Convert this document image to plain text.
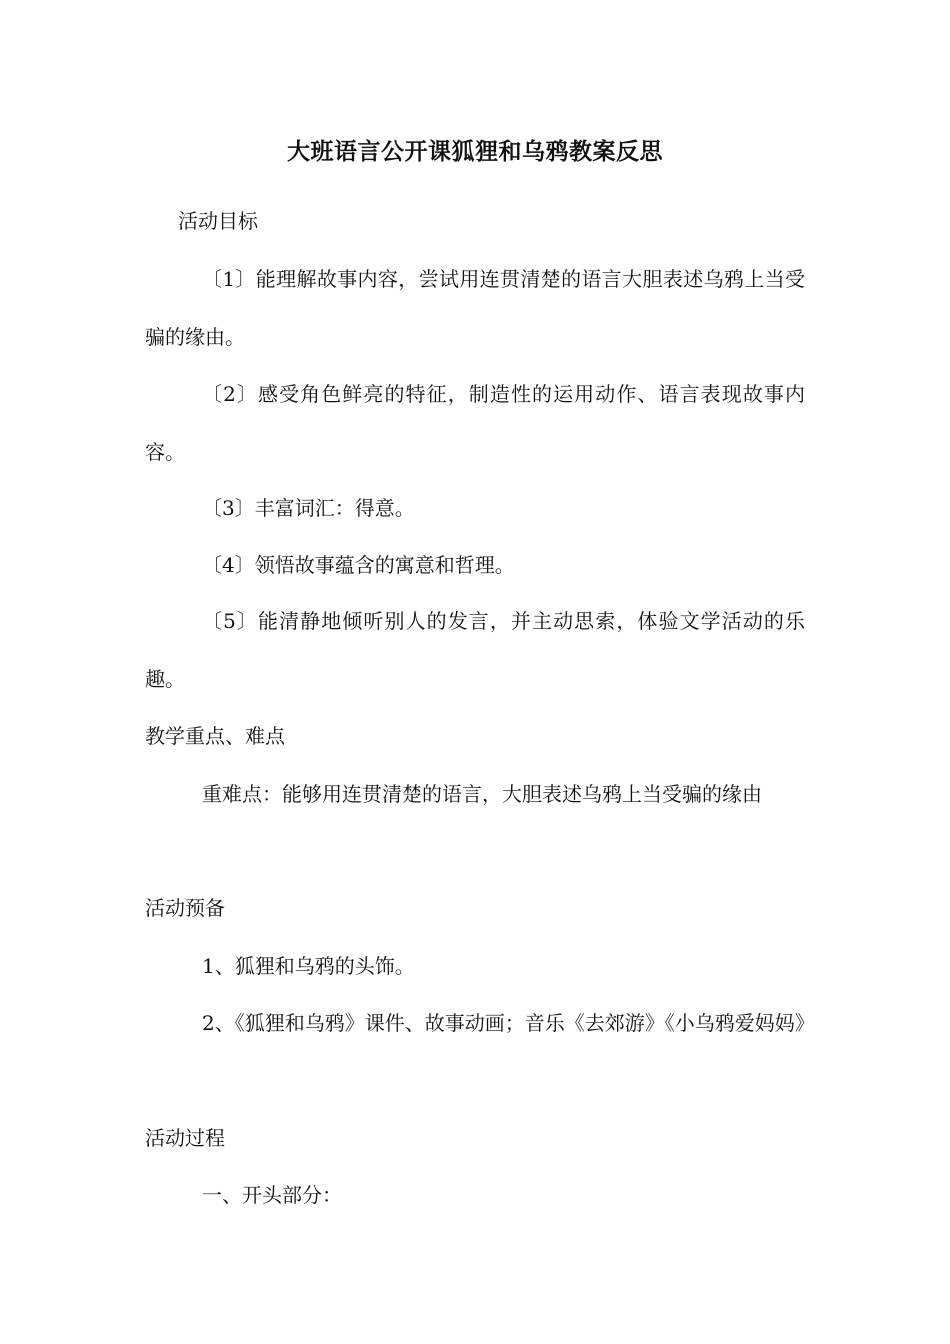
大班语言公开课狐狸和乌鸦教案反思

活动目标

〔1〕能理解故事内容，尝试用连贯清楚的语言大胆表述乌鸦上当受骗的缘由。

〔2〕感受角色鲜亮的特征，制造性的运用动作、语言表现故事内容。

〔3〕丰富词汇：得意。

〔4〕领悟故事蕴含的寓意和哲理。

〔5〕能清静地倾听别人的发言，并主动思索，体验文学活动的乐趣。

教学重点、难点

重难点：能够用连贯清楚的语言，大胆表述乌鸦上当受骗的缘由

活动预备

1、狐狸和乌鸦的头饰。

2、《狐狸和乌鸦》课件、故事动画；音乐《去郊游》《小乌鸦爱妈妈》

活动过程

一、开头部分：
